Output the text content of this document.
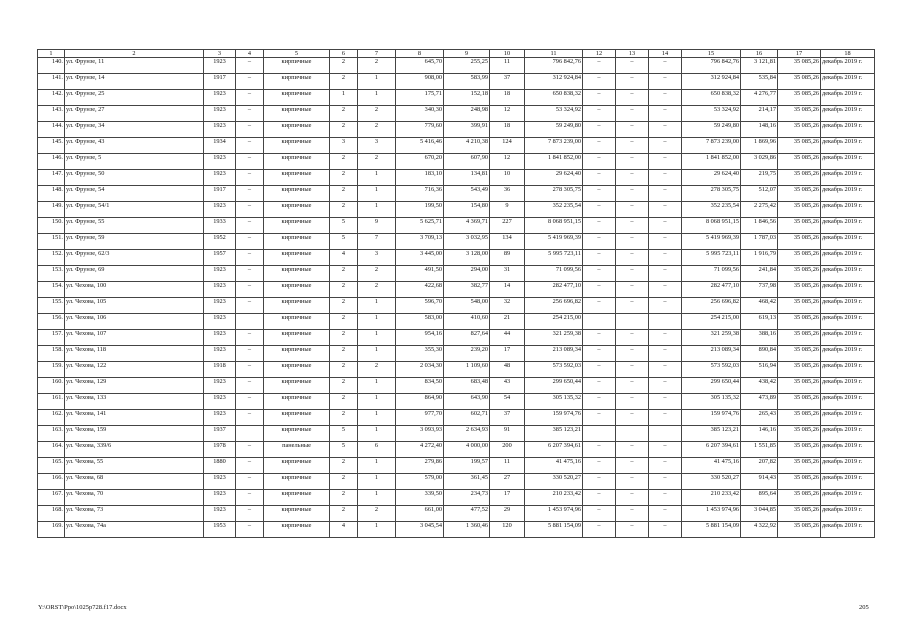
1	2	3	4	5	6	7	8	9	10	11	12	13	14	15	16	17	18
140.	ул. Фрунзе, 11	1923	–	кирпичные	2	2	645,70	255,25	11	796 842,76	–	–	–	796 842,76	3 121,81	35 085,26	декабрь 2019 г.
141.	ул. Фрунзе, 14	1917	–	кирпичные	2	1	908,00	583,99	37	312 924,84	–	–	–	312 924,84	535,84	35 085,26	декабрь 2019 г.
142.	ул. Фрунзе, 25	1923	–	кирпичные	1	1	175,71	152,18	18	650 838,32	–	–	–	650 838,32	4 276,77	35 085,26	декабрь 2019 г.
143.	ул. Фрунзе, 27	1923	–	кирпичные	2	2	340,30	248,98	12	53 324,92	–	–	–	53 324,92	214,17	35 085,26	декабрь 2019 г.
144.	ул. Фрунзе, 34	1923	–	кирпичные	2	2	779,60	399,91	18	59 249,80	–	–	–	59 249,80	148,16	35 085,26	декабрь 2019 г.
145.	ул. Фрунзе, 43	1934	–	кирпичные	3	3	5 416,46	4 210,38	124	7 873 239,00	–	–	–	7 873 239,00	1 869,96	35 085,26	декабрь 2019 г.
146.	ул. Фрунзе, 5	1923	–	кирпичные	2	2	670,20	607,90	12	1 841 852,00	–	–	–	1 841 852,00	3 029,86	35 085,26	декабрь 2019 г.
147.	ул. Фрунзе, 50	1923	–	кирпичные	2	1	183,10	134,81	10	29 624,40	–	–	–	29 624,40	219,75	35 085,26	декабрь 2019 г.
148.	ул. Фрунзе, 54	1917	–	кирпичные	2	1	716,36	543,49	36	278 305,75	–	–	–	278 305,75	512,07	35 085,26	декабрь 2019 г.
149.	ул. Фрунзе, 54/1	1923	–	кирпичные	2	1	199,50	154,80	9	352 235,54	–	–	–	352 235,54	2 275,42	35 085,26	декабрь 2019 г.
150.	ул. Фрунзе, 55	1933	–	кирпичные	5	9	5 625,71	4 369,71	227	8 068 951,15	–	–	–	8 068 951,15	1 846,56	35 085,26	декабрь 2019 г.
151.	ул. Фрунзе, 59	1952	–	кирпичные	5	7	3 709,13	3 032,95	134	5 419 969,39	–	–	–	5 419 969,39	1 787,03	35 085,26	декабрь 2019 г.
152.	ул. Фрунзе, 62/3	1957	–	кирпичные	4	3	3 445,00	3 128,00	89	5 995 723,11	–	–	–	5 995 723,11	1 916,79	35 085,26	декабрь 2019 г.
153.	ул. Фрунзе, 69	1923	–	кирпичные	2	2	491,50	294,00	31	71 099,56	–	–	–	71 099,56	241,84	35 085,26	декабрь 2019 г.
154.	ул. Чехова, 100	1923	–	кирпичные	2	2	422,68	382,77	14	282 477,10	–	–	–	282 477,10	737,98	35 085,26	декабрь 2019 г.
155.	ул. Чехова, 105	1923	–	кирпичные	2	1	596,70	548,00	32	256 696,82	–	–	–	256 696,82	468,42	35 085,26	декабрь 2019 г.
156.	ул. Чехова, 106	1923		кирпичные	2	1	583,00	410,60	21	254 215,00				254 215,00	619,13	35 085,26	декабрь 2019 г.
157.	ул. Чехова, 107	1923	–	кирпичные	2	1	954,16	827,64	44	321 259,38	–	–	–	321 259,38	388,16	35 085,26	декабрь 2019 г.
158.	ул. Чехова, 118	1923	–	кирпичные	2	1	355,30	239,20	17	213 089,34	–	–	–	213 089,34	890,84	35 085,26	декабрь 2019 г.
159.	ул. Чехова, 122	1918	–	кирпичные	2	2	2 034,30	1 109,60	48	573 592,03	–	–	–	573 592,03	516,94	35 085,26	декабрь 2019 г.
160.	ул. Чехова, 129	1923	–	кирпичные	2	1	834,50	683,48	43	299 650,44	–	–	–	299 650,44	438,42	35 085,26	декабрь 2019 г.
161.	ул. Чехова, 133	1923	–	кирпичные	2	1	864,90	643,90	54	305 135,32	–	–	–	305 135,32	473,89	35 085,26	декабрь 2019 г.
162.	ул. Чехова, 141	1923	–	кирпичные	2	1	977,70	602,71	37	159 974,76	–	–	–	159 974,76	265,43	35 085,26	декабрь 2019 г.
163.	ул. Чехова, 159	1937		кирпичные	5	1	3 093,93	2 634,93	91	385 123,21				385 123,21	146,16	35 085,26	декабрь 2019 г.
164.	ул. Чехова, 339/6	1978	–	панельные	5	6	4 272,40	4 000,00	200	6 207 394,61	–	–	–	6 207 394,61	1 551,85	35 085,26	декабрь 2019 г.
165.	ул. Чехова, 55	1880	–	кирпичные	2	1	279,86	199,57	11	41 475,16	–	–	–	41 475,16	207,82	35 085,26	декабрь 2019 г.
166.	ул. Чехова, 68	1923	–	кирпичные	2	1	579,00	361,45	27	330 520,27	–	–	–	330 520,27	914,43	35 085,26	декабрь 2019 г.
167.	ул. Чехова, 70	1923	–	кирпичные	2	1	339,50	234,73	17	210 233,42	–	–	–	210 233,42	895,64	35 085,26	декабрь 2019 г.
168.	ул. Чехова, 73	1923	–	кирпичные	2	2	661,00	477,52	29	1 453 974,96	–	–	–	1 453 974,96	3 044,85	35 085,26	декабрь 2019 г.
169.	ул. Чехова, 74а	1953	–	кирпичные	4	1	3 045,54	1 360,46	120	5 881 154,09	–	–	–	5 881 154,09	4 322,92	35 085,26	декабрь 2019 г.
Y:\ORST\Ppo\1025p728.f17.docx	205
